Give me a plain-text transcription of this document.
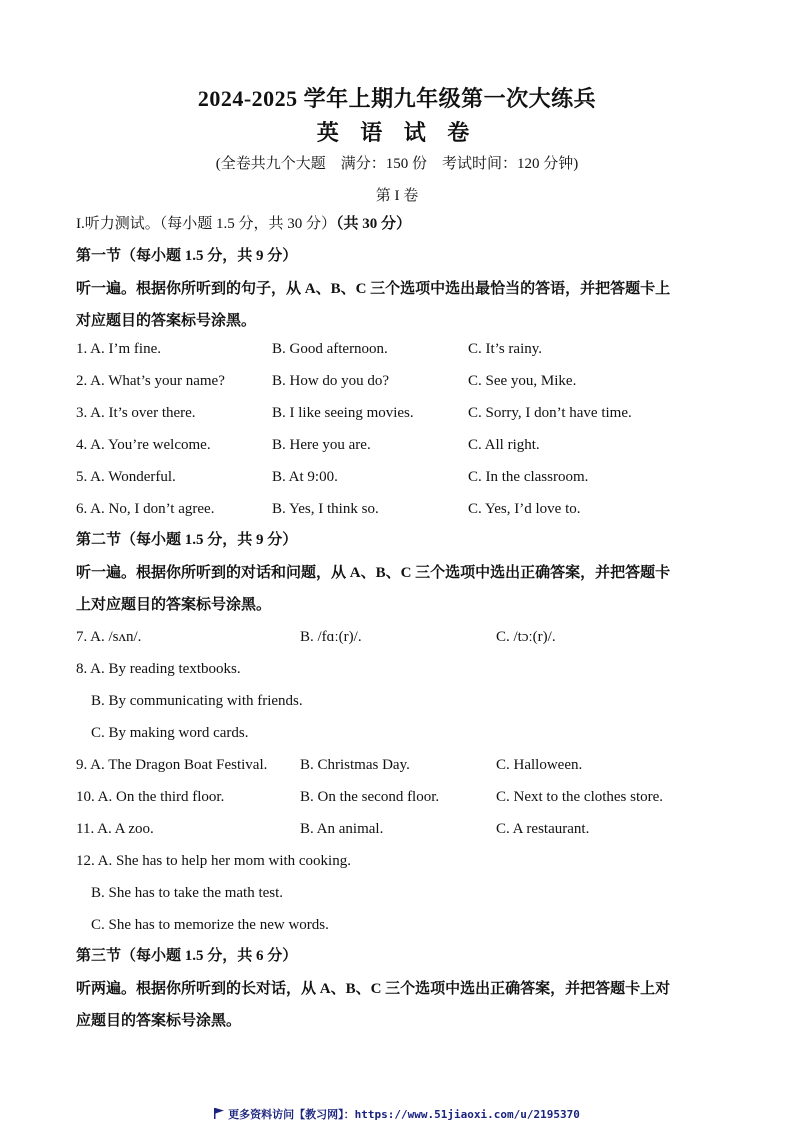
2024-2025 学年上期九年级第一次大练兵
英 语 试 卷
(全卷共九个大题　满分：150 份　考试时间：120 分钟)
第 I 卷
I.听力测试。（每小题 1.5 分，共 30 分）（共 30 分）
第一节（每小题 1.5 分，共 9 分）
听一遍。根据你所听到的句子，从 A、B、C 三个选项中选出最恰当的答语，并把答题卡上
对应题目的答案标号涂黑。
1. A. I’m fine.	B. Good afternoon.	C. It’s rainy.
2. A. What’s your name?	B. How do you do?	C. See you, Mike.
3. A. It’s over there.	B. I like seeing movies.	C. Sorry, I don’t have time.
4. A. You’re welcome.	B. Here you are.	C. All right.
5. A. Wonderful.	B. At 9:00.	C. In the classroom.
6. A. No, I don’t agree.	B. Yes, I think so.	C. Yes, I’d love to.
第二节（每小题 1.5 分，共 9 分）
听一遍。根据你所听到的对话和问题，从 A、B、C 三个选项中选出正确答案，并把答题卡
上对应题目的答案标号涂黑。
7. A. /sʌn/.	B. /fɑː(r)/.	C. /tɔː(r)/.
8. A. By reading textbooks.
B. By communicating with friends.
C. By making word cards.
9. A. The Dragon Boat Festival. B. Christmas Day.	C. Halloween.
10. A. On the third floor.	B. On the second floor.	C. Next to the clothes store.
11. A. A zoo.	B. An animal.	C. A restaurant.
12. A. She has to help her mom with cooking.
B. She has to take the math test.
C. She has to memorize the new words.
第三节（每小题 1.5 分，共 6 分）
听两遍。根据你所听到的长对话，从 A、B、C 三个选项中选出正确答案，并把答题卡上对
应题目的答案标号涂黑。
更多资料访问【教习网】：https://www.51jiaoxi.com/u/2195370
